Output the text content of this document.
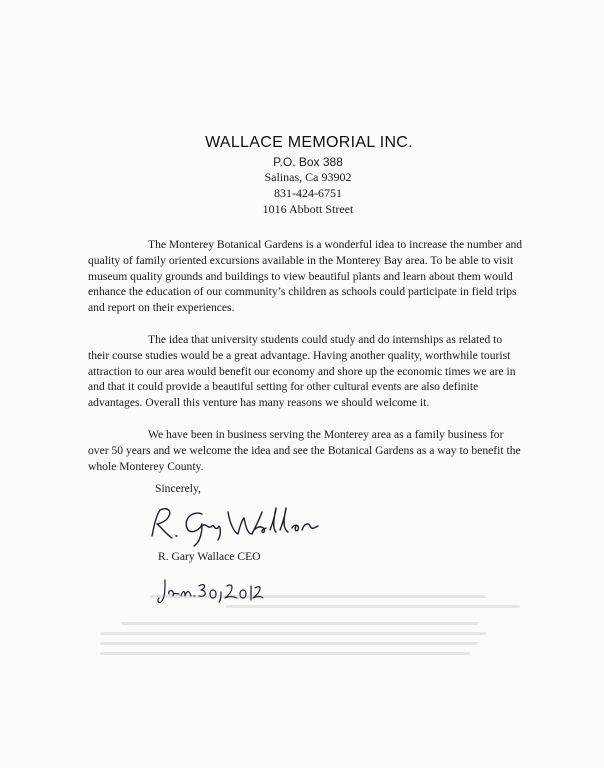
WALLACE MEMORIAL INC.
P.O. Box 388
Salinas, Ca 93902
831-424-6751
1016 Abbott Street

The Monterey Botanical Gardens is a wonderful idea to increase the number and quality of family oriented excursions available in the Monterey Bay area. To be able to visit museum quality grounds and buildings to view beautiful plants and learn about them would enhance the education of our community’s children as schools could participate in field trips and report on their experiences.

The idea that university students could study and do internships as related to their course studies would be a great advantage. Having another quality, worthwhile tourist attraction to our area would benefit our economy and shore up the economic times we are in and that it could provide a beautiful setting for other cultural events are also definite advantages. Overall this venture has many reasons we should welcome it.

We have been in business serving the Monterey area as a family business for over 50 years and we welcome the idea and see the Botanical Gardens as a way to benefit the whole Monterey County.

Sincerely,
R. Gary Wallace CEO
